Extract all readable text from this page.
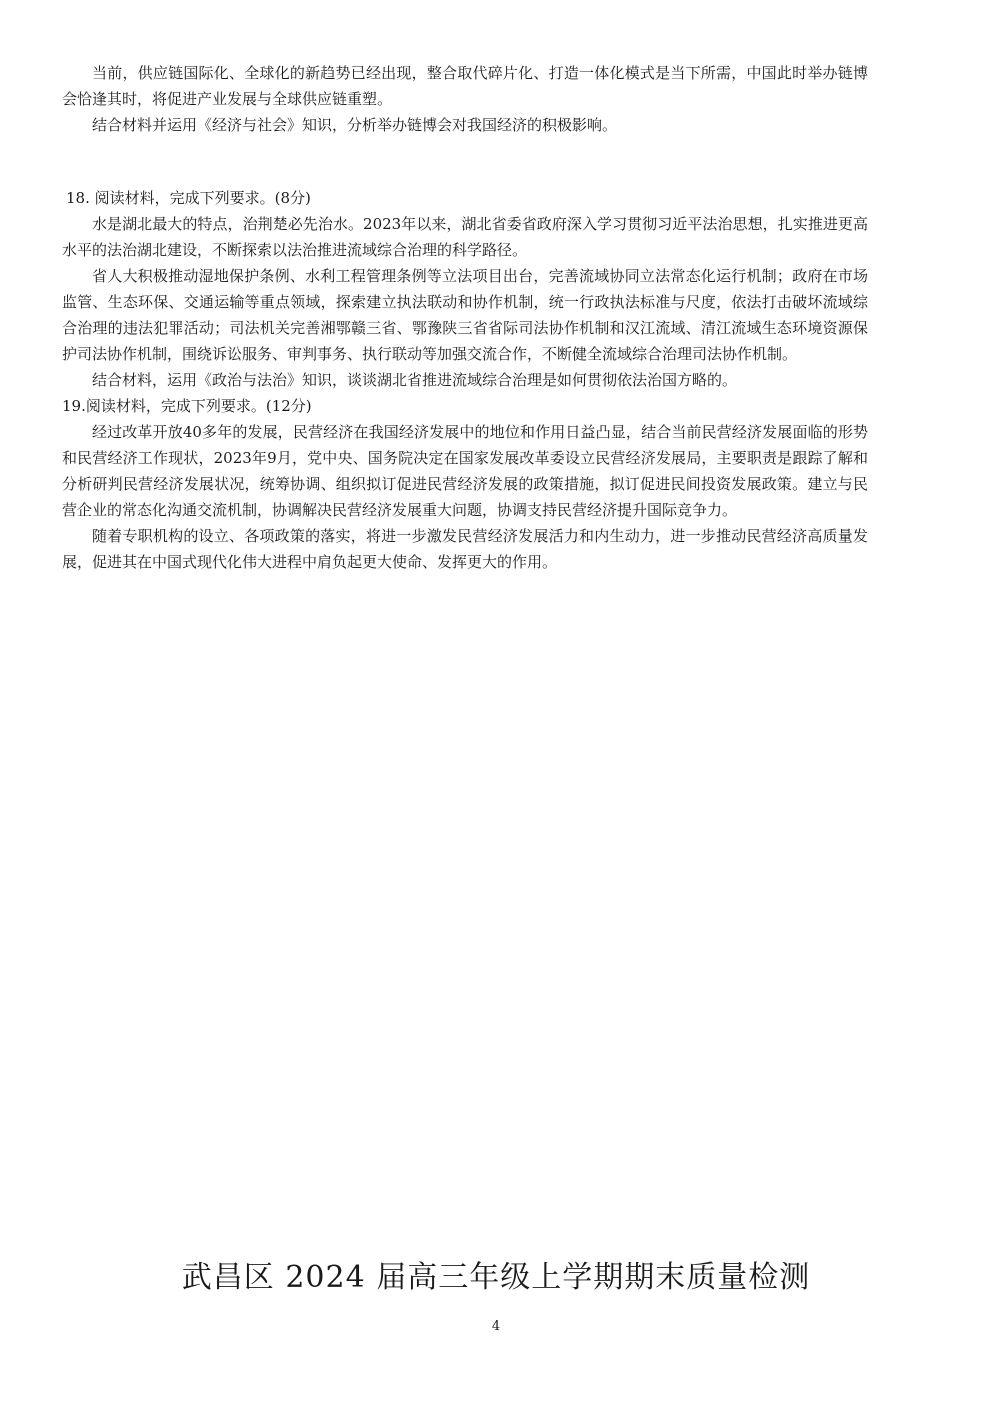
当前，供应链国际化、全球化的新趋势已经出现，整合取代碎片化、打造一体化模式是当下所需，中国此时举办链博会恰逢其时，将促进产业发展与全球供应链重塑。

结合材料并运用《经济与社会》知识，分析举办链博会对我国经济的积极影响。

18. 阅读材料，完成下列要求。(8分)

水是湖北最大的特点，治荆楚必先治水。2023年以来，湖北省委省政府深入学习贯彻习近平法治思想，扎实推进更高水平的法治湖北建设，不断探索以法治推进流域综合治理的科学路径。

省人大积极推动湿地保护条例、水利工程管理条例等立法项目出台，完善流域协同立法常态化运行机制；政府在市场监管、生态环保、交通运输等重点领域，探索建立执法联动和协作机制，统一行政执法标准与尺度，依法打击破坏流域综合治理的违法犯罪活动；司法机关完善湘鄂赣三省、鄂豫陕三省省际司法协作机制和汉江流域、清江流域生态环境资源保护司法协作机制，围绕诉讼服务、审判事务、执行联动等加强交流合作，不断健全流域综合治理司法协作机制。

结合材料，运用《政治与法治》知识，谈谈湖北省推进流域综合治理是如何贯彻依法治国方略的。

19.阅读材料，完成下列要求。(12分)

经过改革开放40多年的发展，民营经济在我国经济发展中的地位和作用日益凸显，结合当前民营经济发展面临的形势和民营经济工作现状，2023年9月，党中央、国务院决定在国家发展改革委设立民营经济发展局，主要职责是跟踪了解和分析研判民营经济发展状况，统筹协调、组织拟订促进民营经济发展的政策措施，拟订促进民间投资发展政策。建立与民营企业的常态化沟通交流机制，协调解决民营经济发展重大问题，协调支持民营经济提升国际竞争力。

随着专职机构的设立、各项政策的落实，将进一步激发民营经济发展活力和内生动力，进一步推动民营经济高质量发展，促进其在中国式现代化伟大进程中肩负起更大使命、发挥更大的作用。

武昌区 2024 届高三年级上学期期末质量检测
4
